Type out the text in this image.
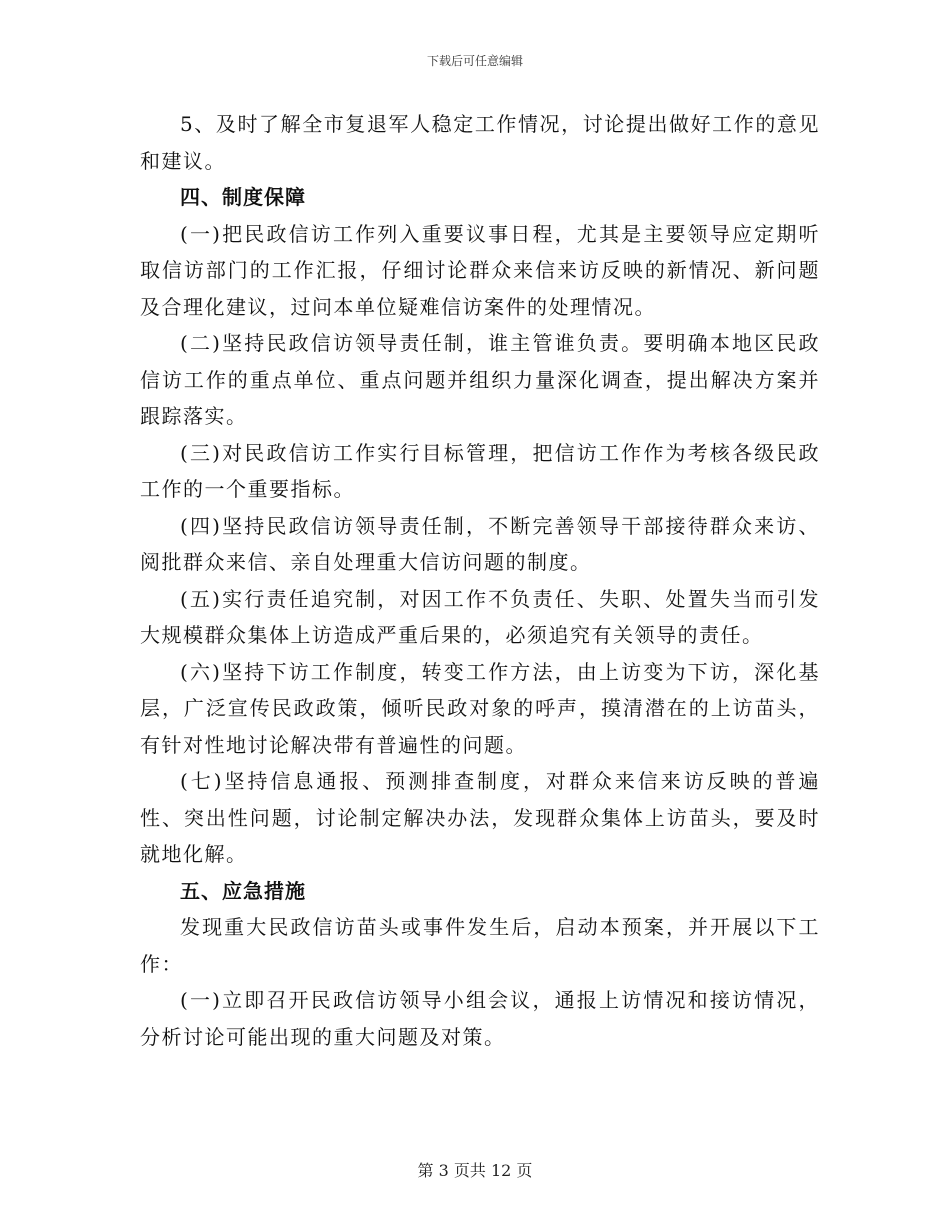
下载后可任意编辑

5、及时了解全市复退军人稳定工作情况，讨论提出做好工作的意见和建议。

四、制度保障

(一)把民政信访工作列入重要议事日程，尤其是主要领导应定期听取信访部门的工作汇报，仔细讨论群众来信来访反映的新情况、新问题及合理化建议，过问本单位疑难信访案件的处理情况。

(二)坚持民政信访领导责任制，谁主管谁负责。要明确本地区民政信访工作的重点单位、重点问题并组织力量深化调查，提出解决方案并跟踪落实。

(三)对民政信访工作实行目标管理，把信访工作作为考核各级民政工作的一个重要指标。

(四)坚持民政信访领导责任制，不断完善领导干部接待群众来访、阅批群众来信、亲自处理重大信访问题的制度。

(五)实行责任追究制，对因工作不负责任、失职、处置失当而引发大规模群众集体上访造成严重后果的，必须追究有关领导的责任。

(六)坚持下访工作制度，转变工作方法，由上访变为下访，深化基层，广泛宣传民政政策，倾听民政对象的呼声，摸清潜在的上访苗头，有针对性地讨论解决带有普遍性的问题。

(七)坚持信息通报、预测排查制度，对群众来信来访反映的普遍性、突出性问题，讨论制定解决办法，发现群众集体上访苗头，要及时就地化解。

五、应急措施

发现重大民政信访苗头或事件发生后，启动本预案，并开展以下工作：

(一)立即召开民政信访领导小组会议，通报上访情况和接访情况，分析讨论可能出现的重大问题及对策。

第 3 页共 12 页
